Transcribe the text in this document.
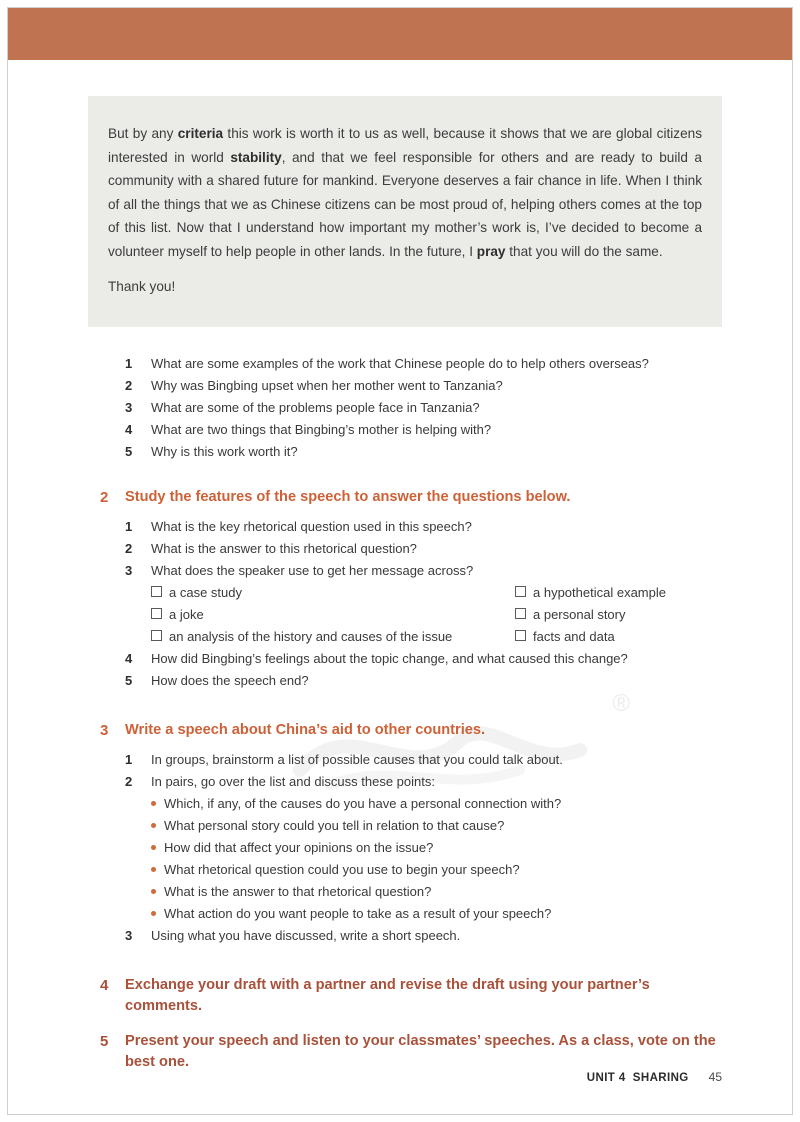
®

But by any criteria this work is worth it to us as well, because it shows that we are global citizens interested in world stability, and that we feel responsible for others and are ready to build a community with a shared future for mankind. Everyone deserves a fair chance in life. When I think of all the things that we as Chinese citizens can be most proud of, helping others comes at the top of this list. Now that I understand how important my mother’s work is, I’ve decided to become a volunteer myself to help people in other lands. In the future, I pray that you will do the same.

Thank you!

1	What are some examples of the work that Chinese people do to help others overseas?
2	Why was Bingbing upset when her mother went to Tanzania?
3	What are some of the problems people face in Tanzania?
4	What are two things that Bingbing’s mother is helping with?
5	Why is this work worth it?
2	Study the features of the speech to answer the questions below.
1	What is the key rhetorical question used in this speech?
2	What is the answer to this rhetorical question?
3	What does the speaker use to get her message across?
a case study	a hypothetical example
a joke	a personal story
an analysis of the history and causes of the issue	facts and data
4	How did Bingbing’s feelings about the topic change, and what caused this change?
5	How does the speech end?
3	Write a speech about China’s aid to other countries.
1	In groups, brainstorm a list of possible causes that you could talk about.
2	In pairs, go over the list and discuss these points:
Which, if any, of the causes do you have a personal connection with?
What personal story could you tell in relation to that cause?
How did that affect your opinions on the issue?
What rhetorical question could you use to begin your speech?
What is the answer to that rhetorical question?
What action do you want people to take as a result of your speech?
3	Using what you have discussed, write a short speech.
4	Exchange your draft with a partner and revise the draft using your partner’s comments.
5	Present your speech and listen to your classmates’ speeches. As a class, vote on the best one.
UNIT 4  SHARING 45
